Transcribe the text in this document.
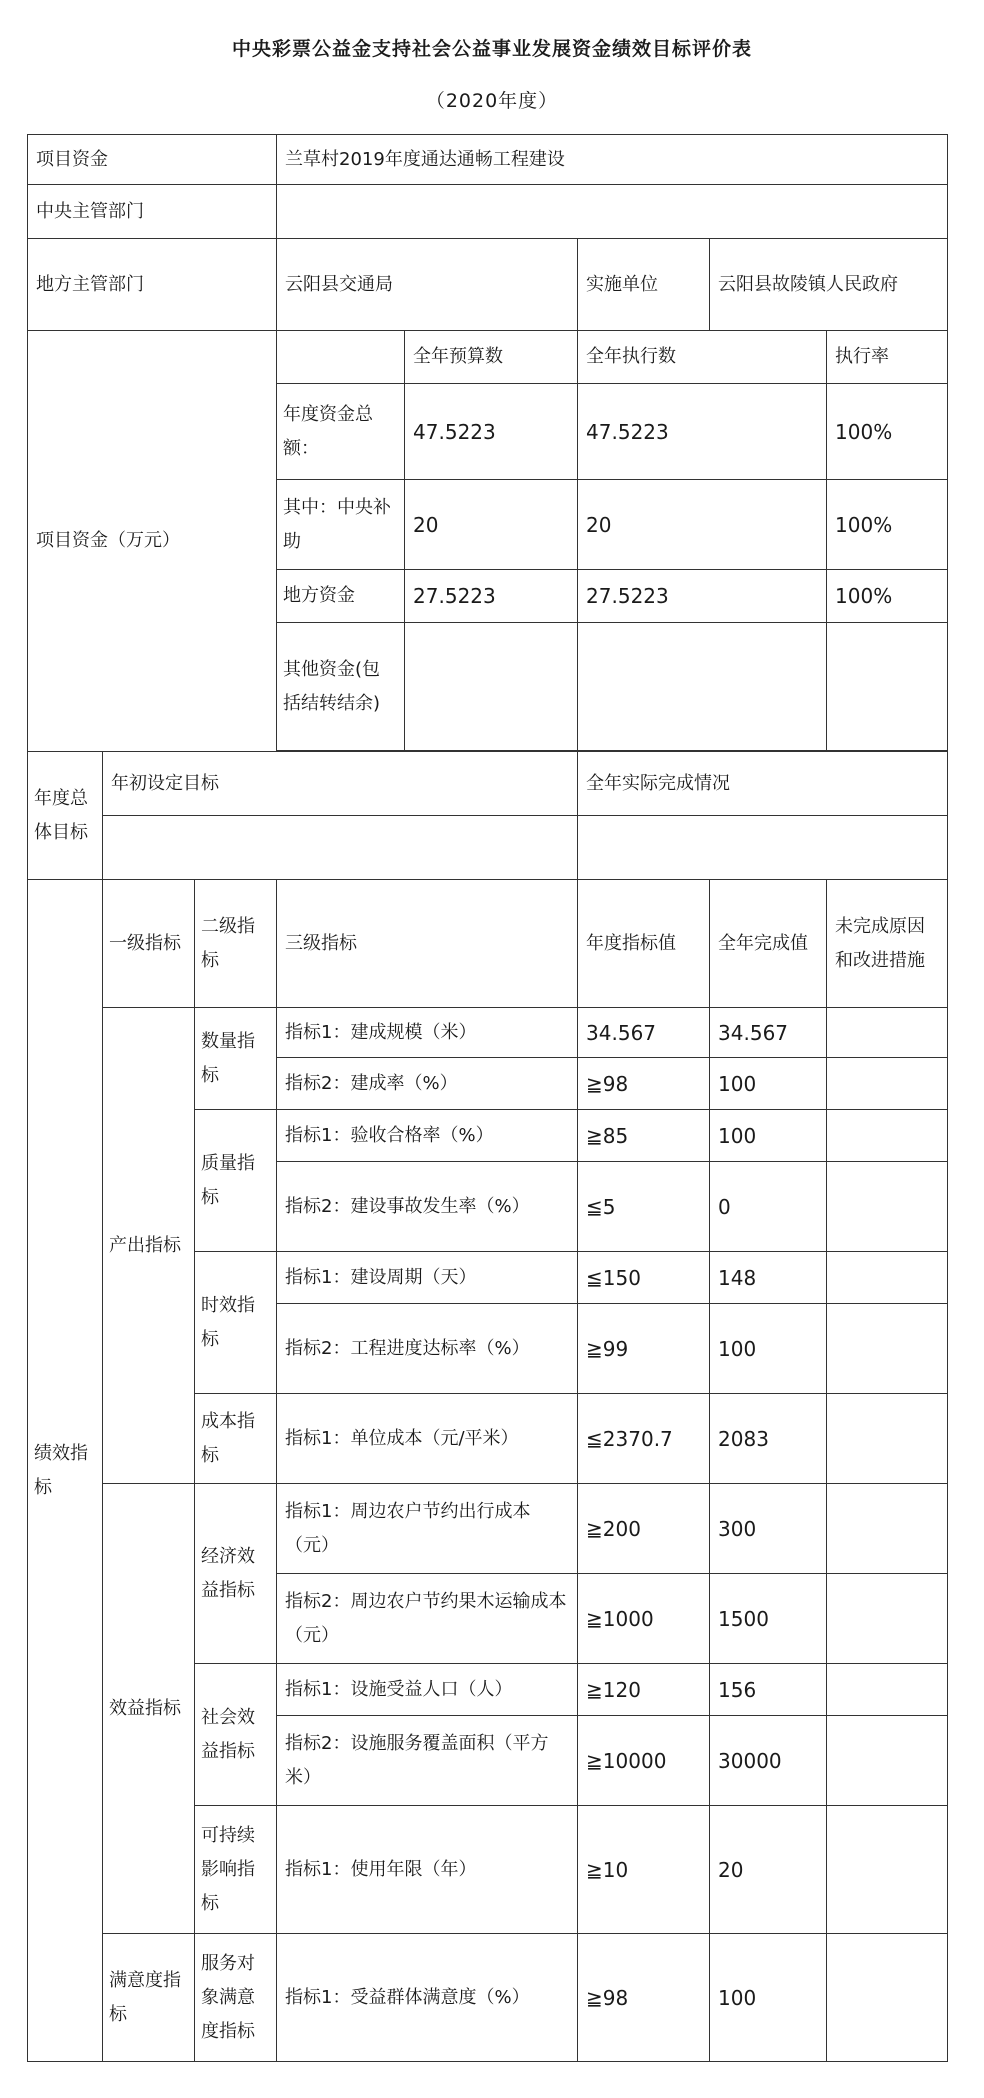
中央彩票公益金支持社会公益事业发展资金绩效目标评价表
（2020年度）
项目资金			兰草村2019年度通达通畅工程建设				
中央主管部门							
地方主管部门			云阳县交通局		实施单位	云阳县故陵镇人民政府	
项目资金（万元）				全年预算数	全年执行数		执行率
			年度资金总额：	47.5223	47.5223		100%
			其中：中央补助	20	20		100%
			地方资金	27.5223	27.5223		100%
			其他资金(包括结转结余)				

年度总体目标	年初设定目标				全年实际完成情况		

绩效指标	一级指标	二级指标	三级指标		年度指标值	全年完成值	未完成原因和改进措施
	产出指标	数量指标	指标1：建成规模（米）		34.567	34.567	
			指标2：建成率（%）		≧98	100	
		质量指标	指标1：验收合格率（%）		≧85	100	
			指标2：建设事故发生率（%）		≦5	0	
		时效指标	指标1：建设周期（天）		≦150	148	
			指标2：工程进度达标率（%）		≧99	100	
		成本指标	指标1：单位成本（元/平米）		≦2370.7	2083	
	效益指标	经济效益指标	指标1：周边农户节约出行成本（元）		≧200	300	
			指标2：周边农户节约果木运输成本（元）		≧1000	1500	
		社会效益指标	指标1：设施受益人口（人）		≧120	156	
			指标2：设施服务覆盖面积（平方米）		≧10000	30000	
		可持续影响指标	指标1：使用年限（年）		≧10	20	
	满意度指标	服务对象满意度指标	指标1：受益群体满意度（%）		≧98	100	
